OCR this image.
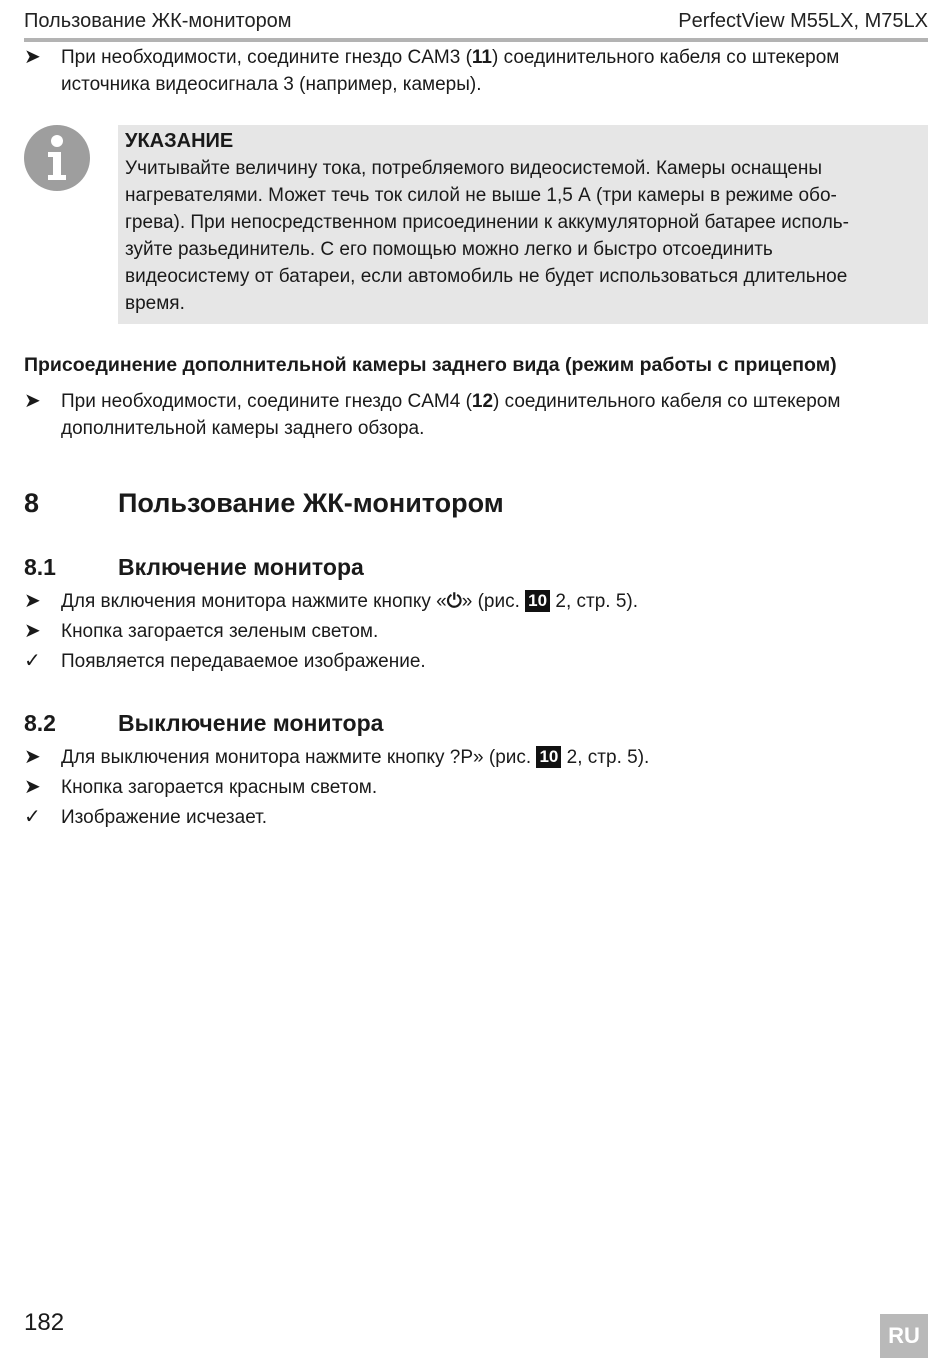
Пользование ЖК-монитором	PerfectView M55LX, M75LX
➤	При необходимости, соедините гнездо CAM3 (11) соединительного кабеля со штекером
источника видеосигнала 3 (например, камеры).
УКАЗАНИЕ
Учитывайте величину тока, потребляемого видеосистемой. Камеры оснащены
нагревателями. Может течь ток силой не выше 1,5 А (три камеры в режиме обо-
грева). При непосредственном присоединении к аккумуляторной батарее исполь-
зуйте разьединитель. С его помощью можно легко и быстро отсоединить
видеосистему от батареи, если автомобиль не будет использоваться длительное
время.
Присоединение дополнительной камеры заднего вида (режим работы с прицепом)
➤	При необходимости, соедините гнездо CAM4 (12) соединительного кабеля со штекером
дополнительной камеры заднего обзора.
8	Пользование ЖК-монитором
8.1	Включение монитора
➤	Для включения монитора нажмите кнопку «⏻» (рис. 10 2, стр. 5).
➤	Кнопка загорается зеленым светом.
✓	Появляется передаваемое изображение.
8.2	Выключение монитора
➤	Для выключения монитора нажмите кнопку ?P» (рис. 10 2, стр. 5).
➤	Кнопка загорается красным светом.
✓	Изображение исчезает.
182	RU
